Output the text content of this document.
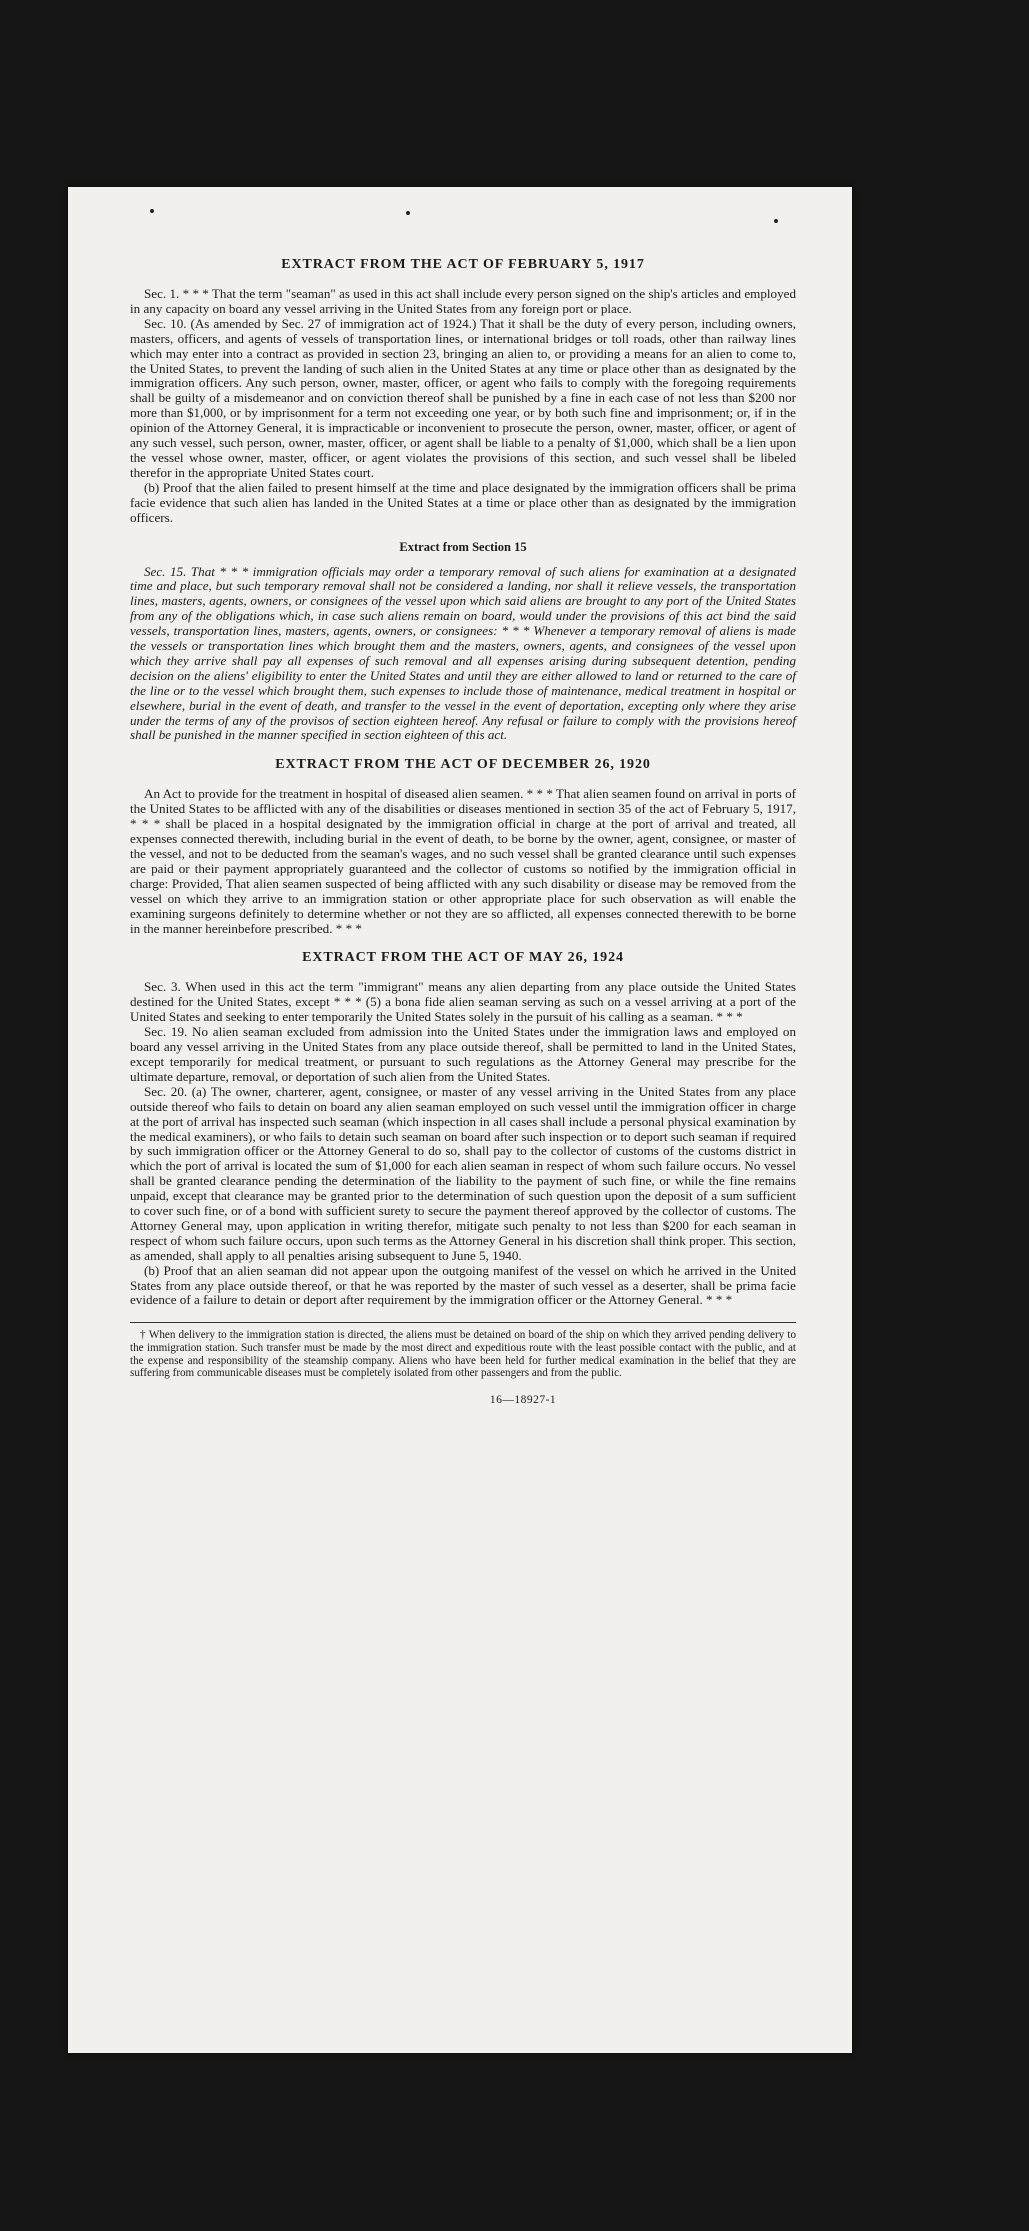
EXTRACT FROM THE ACT OF FEBRUARY 5, 1917

Sec. 1. * * * That the term "seaman" as used in this act shall include every person signed on the ship's articles and employed in any capacity on board any vessel arriving in the United States from any foreign port or place.

Sec. 10. (As amended by Sec. 27 of immigration act of 1924.) That it shall be the duty of every person, including owners, masters, officers, and agents of vessels of transportation lines, or international bridges or toll roads, other than railway lines which may enter into a contract as provided in section 23, bringing an alien to, or providing a means for an alien to come to, the United States, to prevent the landing of such alien in the United States at any time or place other than as designated by the immigration officers. Any such person, owner, master, officer, or agent who fails to comply with the foregoing requirements shall be guilty of a misdemeanor and on conviction thereof shall be punished by a fine in each case of not less than $200 nor more than $1,000, or by imprisonment for a term not exceeding one year, or by both such fine and imprisonment; or, if in the opinion of the Attorney General, it is impracticable or inconvenient to prosecute the person, owner, master, officer, or agent of any such vessel, such person, owner, master, officer, or agent shall be liable to a penalty of $1,000, which shall be a lien upon the vessel whose owner, master, officer, or agent violates the provisions of this section, and such vessel shall be libeled therefor in the appropriate United States court.

(b) Proof that the alien failed to present himself at the time and place designated by the immigration officers shall be prima facie evidence that such alien has landed in the United States at a time or place other than as designated by the immigration officers.

Extract from Section 15

Sec. 15. That * * * immigration officials may order a temporary removal of such aliens for examination at a designated time and place, but such temporary removal shall not be considered a landing, nor shall it relieve vessels, the transportation lines, masters, agents, owners, or consignees of the vessel upon which said aliens are brought to any port of the United States from any of the obligations which, in case such aliens remain on board, would under the provisions of this act bind the said vessels, transportation lines, masters, agents, owners, or consignees: * * * Whenever a temporary removal of aliens is made the vessels or transportation lines which brought them and the masters, owners, agents, and consignees of the vessel upon which they arrive shall pay all expenses of such removal and all expenses arising during subsequent detention, pending decision on the aliens' eligibility to enter the United States and until they are either allowed to land or returned to the care of the line or to the vessel which brought them, such expenses to include those of maintenance, medical treatment in hospital or elsewhere, burial in the event of death, and transfer to the vessel in the event of deportation, excepting only where they arise under the terms of any of the provisos of section eighteen hereof. Any refusal or failure to comply with the provisions hereof shall be punished in the manner specified in section eighteen of this act.

EXTRACT FROM THE ACT OF DECEMBER 26, 1920

An Act to provide for the treatment in hospital of diseased alien seamen. * * * That alien seamen found on arrival in ports of the United States to be afflicted with any of the disabilities or diseases mentioned in section 35 of the act of February 5, 1917, * * * shall be placed in a hospital designated by the immigration official in charge at the port of arrival and treated, all expenses connected therewith, including burial in the event of death, to be borne by the owner, agent, consignee, or master of the vessel, and not to be deducted from the seaman's wages, and no such vessel shall be granted clearance until such expenses are paid or their payment appropriately guaranteed and the collector of customs so notified by the immigration official in charge: Provided, That alien seamen suspected of being afflicted with any such disability or disease may be removed from the vessel on which they arrive to an immigration station or other appropriate place for such observation as will enable the examining surgeons definitely to determine whether or not they are so afflicted, all expenses connected therewith to be borne in the manner hereinbefore prescribed. * * *

EXTRACT FROM THE ACT OF MAY 26, 1924

Sec. 3. When used in this act the term "immigrant" means any alien departing from any place outside the United States destined for the United States, except * * * (5) a bona fide alien seaman serving as such on a vessel arriving at a port of the United States and seeking to enter temporarily the United States solely in the pursuit of his calling as a seaman. * * *

Sec. 19. No alien seaman excluded from admission into the United States under the immigration laws and employed on board any vessel arriving in the United States from any place outside thereof, shall be permitted to land in the United States, except temporarily for medical treatment, or pursuant to such regulations as the Attorney General may prescribe for the ultimate departure, removal, or deportation of such alien from the United States.

Sec. 20. (a) The owner, charterer, agent, consignee, or master of any vessel arriving in the United States from any place outside thereof who fails to detain on board any alien seaman employed on such vessel until the immigration officer in charge at the port of arrival has inspected such seaman (which inspection in all cases shall include a personal physical examination by the medical examiners), or who fails to detain such seaman on board after such inspection or to deport such seaman if required by such immigration officer or the Attorney General to do so, shall pay to the collector of customs of the customs district in which the port of arrival is located the sum of $1,000 for each alien seaman in respect of whom such failure occurs. No vessel shall be granted clearance pending the determination of the liability to the payment of such fine, or while the fine remains unpaid, except that clearance may be granted prior to the determination of such question upon the deposit of a sum sufficient to cover such fine, or of a bond with sufficient surety to secure the payment thereof approved by the collector of customs. The Attorney General may, upon application in writing therefor, mitigate such penalty to not less than $200 for each seaman in respect of whom such failure occurs, upon such terms as the Attorney General in his discretion shall think proper. This section, as amended, shall apply to all penalties arising subsequent to June 5, 1940.

(b) Proof that an alien seaman did not appear upon the outgoing manifest of the vessel on which he arrived in the United States from any place outside thereof, or that he was reported by the master of such vessel as a deserter, shall be prima facie evidence of a failure to detain or deport after requirement by the immigration officer or the Attorney General. * * *

† When delivery to the immigration station is directed, the aliens must be detained on board of the ship on which they arrived pending delivery to the immigration station. Such transfer must be made by the most direct and expeditious route with the least possible contact with the public, and at the expense and responsibility of the steamship company. Aliens who have been held for further medical examination in the belief that they are suffering from communicable diseases must be completely isolated from other passengers and from the public.
16—18927-1
